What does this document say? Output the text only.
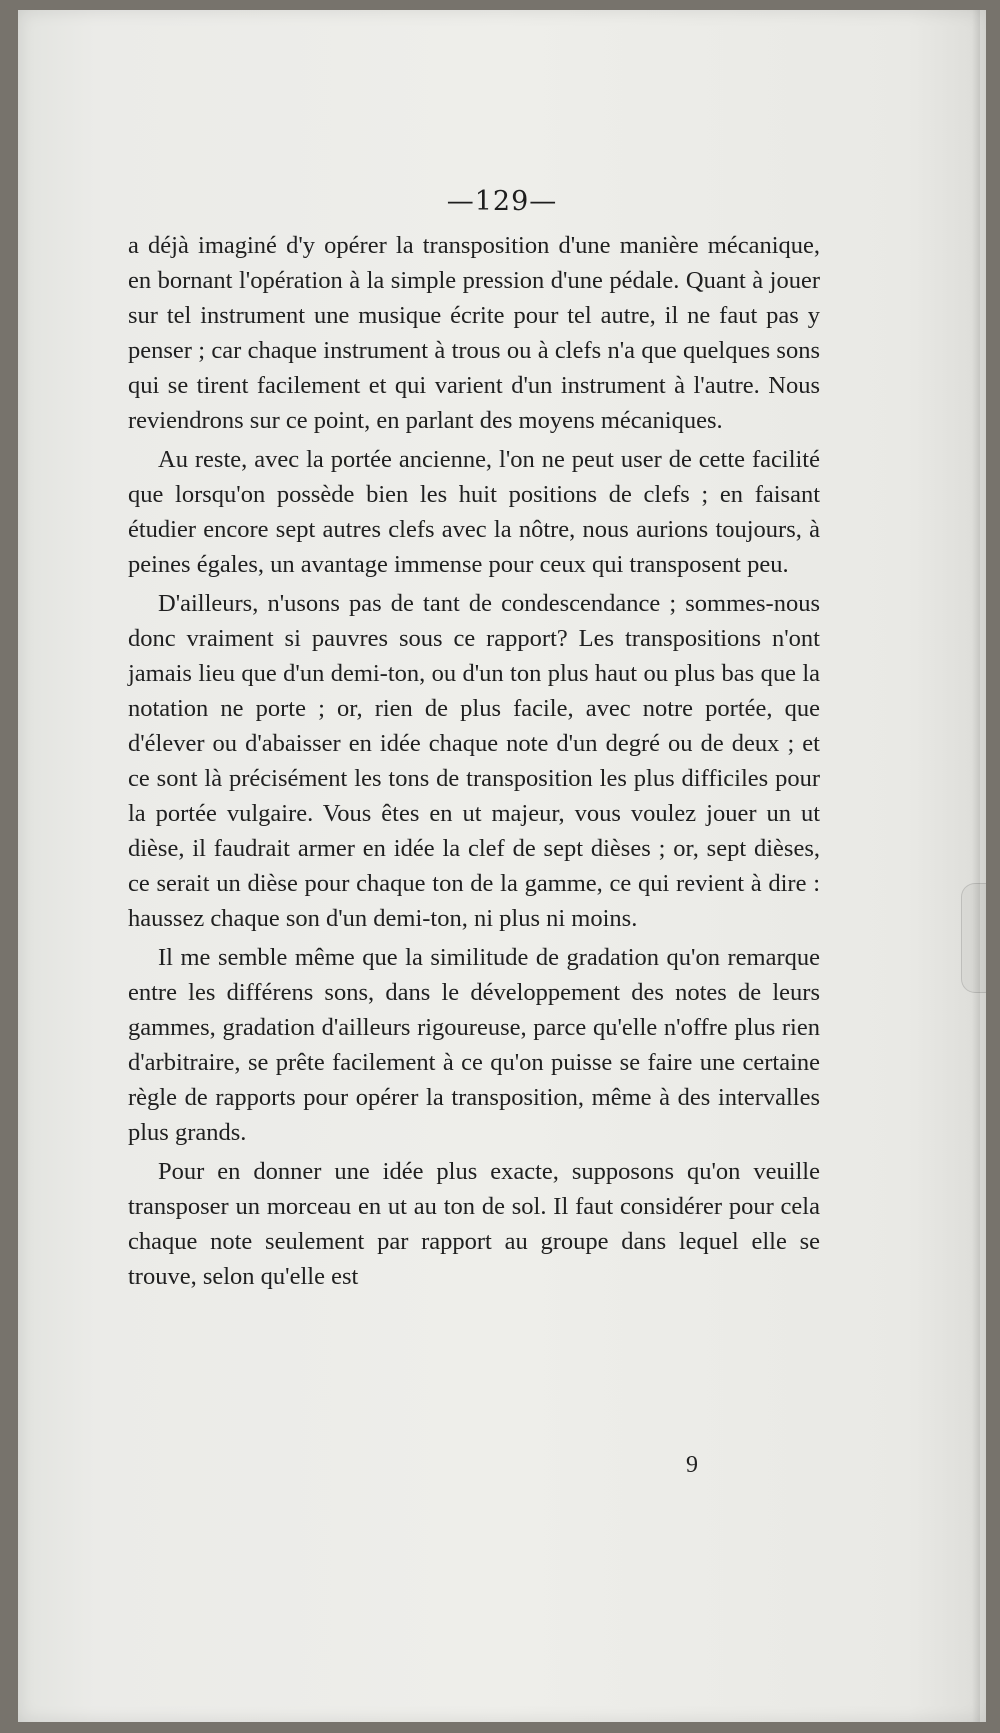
—129—

a déjà imaginé d'y opérer la transposition d'une manière mécanique, en bornant l'opération à la simple pression d'une pédale. Quant à jouer sur tel instrument une musique écrite pour tel autre, il ne faut pas y penser ; car chaque instrument à trous ou à clefs n'a que quelques sons qui se tirent facilement et qui varient d'un instrument à l'autre. Nous reviendrons sur ce point, en parlant des moyens mécaniques.

Au reste, avec la portée ancienne, l'on ne peut user de cette facilité que lorsqu'on possède bien les huit positions de clefs ; en faisant étudier encore sept autres clefs avec la nôtre, nous aurions toujours, à peines égales, un avantage immense pour ceux qui transposent peu.

D'ailleurs, n'usons pas de tant de condescendance ; sommes-nous donc vraiment si pauvres sous ce rapport? Les transpositions n'ont jamais lieu que d'un demi-ton, ou d'un ton plus haut ou plus bas que la notation ne porte ; or, rien de plus facile, avec notre portée, que d'élever ou d'abaisser en idée chaque note d'un degré ou de deux ; et ce sont là précisément les tons de transposition les plus difficiles pour la portée vulgaire. Vous êtes en ut majeur, vous voulez jouer un ut dièse, il faudrait armer en idée la clef de sept dièses ; or, sept dièses, ce serait un dièse pour chaque ton de la gamme, ce qui revient à dire : haussez chaque son d'un demi-ton, ni plus ni moins.

Il me semble même que la similitude de gradation qu'on remarque entre les différens sons, dans le développement des notes de leurs gammes, gradation d'ailleurs rigoureuse, parce qu'elle n'offre plus rien d'arbitraire, se prête facilement à ce qu'on puisse se faire une certaine règle de rapports pour opérer la transposition, même à des intervalles plus grands.

Pour en donner une idée plus exacte, supposons qu'on veuille transposer un morceau en ut au ton de sol. Il faut considérer pour cela chaque note seulement par rapport au groupe dans lequel elle se trouve, selon qu'elle est

9
